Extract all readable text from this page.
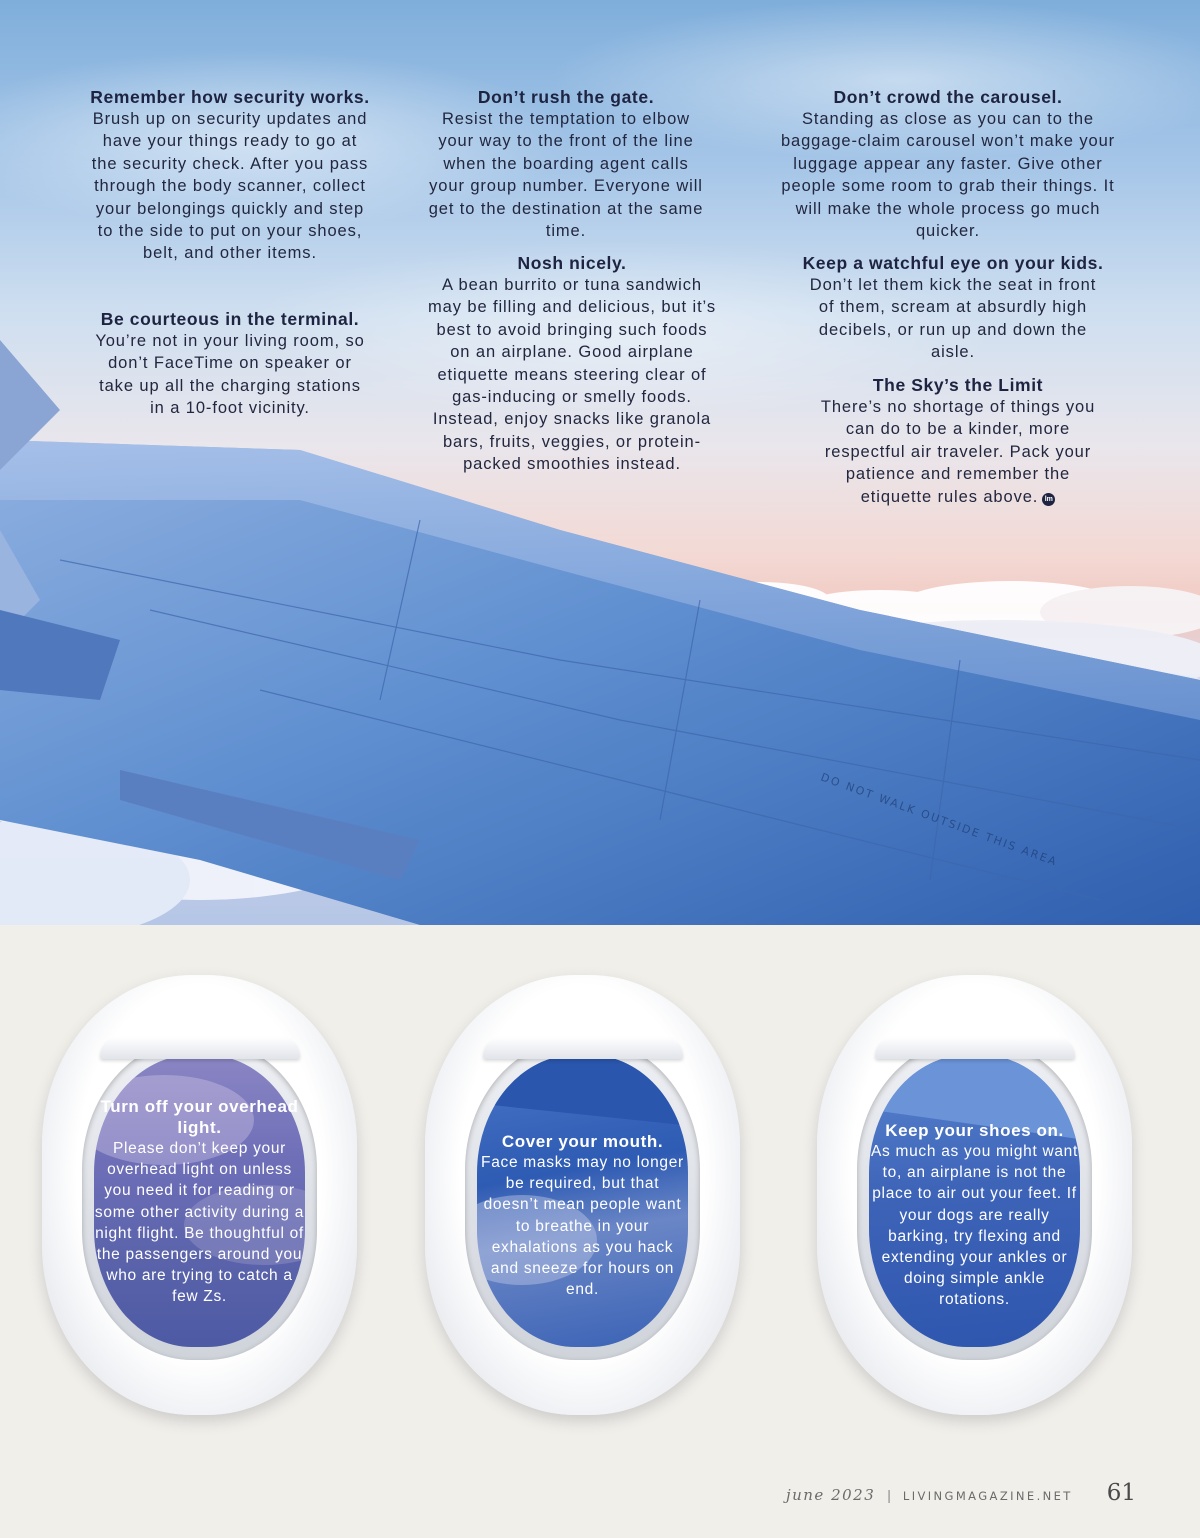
DO NOT WALK OUTSIDE THIS AREA
Remember how security works.

Brush up on security updates and have your things ready to go at the security check. After you pass through the body scanner, collect your belongings quickly and step to the side to put on your shoes, belt, and other items.

Be courteous in the terminal.

You’re not in your living room, so don’t FaceTime on speaker or take up all the charging stations in a 10-foot vicinity.

Don’t rush the gate.

Resist the temptation to elbow your way to the front of the line when the boarding agent calls your group number. Everyone will get to the destination at the same time.

Nosh nicely.

A bean burrito or tuna sandwich may be filling and delicious, but it’s best to avoid bringing such foods on an airplane. Good airplane etiquette means steering clear of gas-inducing or smelly foods. Instead, enjoy snacks like granola bars, fruits, veggies, or protein-packed smoothies instead.

Don’t crowd the carousel.

Standing as close as you can to the baggage-claim carousel won’t make your luggage appear any faster. Give other people some room to grab their things. It will make the whole process go much quicker.

Keep a watchful eye on your kids.

Don’t let them kick the seat in front of them, scream at absurdly high decibels, or run up and down the aisle.

The Sky’s the Limit

There’s no shortage of things you can do to be a kinder, more respectful air traveler. Pack your patience and remember the etiquette rules above. lm

Turn off your overhead light.

Please don’t keep your overhead light on unless you need it for reading or some other activity during a night flight. Be thoughtful of the passengers around you who are trying to catch a few Zs.

Cover your mouth.

Face masks may no longer be required, but that doesn’t mean people want to breathe in your exhalations as you hack and sneeze for hours on end.

Keep your shoes on.

As much as you might want to, an airplane is not the place to air out your feet. If your dogs are really barking, try flexing and extending your ankles or doing simple ankle rotations.

june 2023 | LIVINGMAGAZINE.NET 61
